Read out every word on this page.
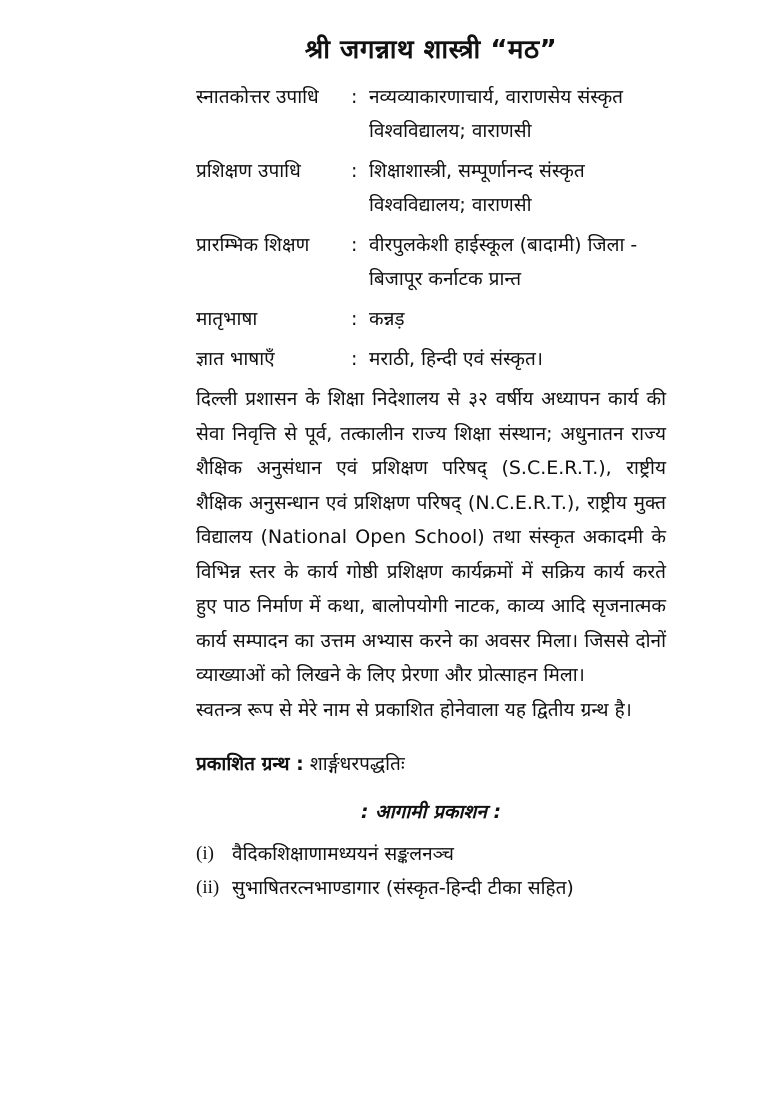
श्री जगन्नाथ शास्त्री “मठ”
स्नातकोत्तर उपाधि	: नव्यव्याकारणाचार्य, वाराणसेय संस्कृत विश्वविद्यालय; वाराणसी
प्रशिक्षण उपाधि	: शिक्षाशास्त्री, सम्पूर्णानन्द संस्कृत विश्वविद्यालय; वाराणसी
प्रारम्भिक शिक्षण	: वीरपुलकेशी हाईस्कूल (बादामी) जिला - बिजापूर कर्नाटक प्रान्त
मातृभाषा	: कन्नड़
ज्ञात भाषाएँ	: मराठी, हिन्दी एवं संस्कृत।

दिल्ली प्रशासन के शिक्षा निदेशालय से ३२ वर्षीय अध्यापन कार्य की सेवा निवृत्ति से पूर्व, तत्कालीन राज्य शिक्षा संस्थान; अधुनातन राज्य शैक्षिक अनुसंधान एवं प्रशिक्षण परिषद् (S.C.E.R.T.), राष्ट्रीय शैक्षिक अनुसन्धान एवं प्रशिक्षण परिषद् (N.C.E.R.T.), राष्ट्रीय मुक्त विद्यालय (National Open School) तथा संस्कृत अकादमी के विभिन्न स्तर के कार्य गोष्ठी प्रशिक्षण कार्यक्रमों में सक्रिय कार्य करते हुए पाठ निर्माण में कथा, बालोपयोगी नाटक, काव्य आदि सृजनात्मक कार्य सम्पादन का उत्तम अभ्यास करने का अवसर मिला। जिससे दोनों व्याख्याओं को लिखने के लिए प्रेरणा और प्रोत्साहन मिला।

स्वतन्त्र रूप से मेरे नाम से प्रकाशित होनेवाला यह द्वितीय ग्रन्थ है।

प्रकाशित ग्रन्थ : शार्ङ्गधरपद्धतिः
: आगामी प्रकाशन :
(i) वैदिकशिक्षाणामध्ययनं सङ्कलनञ्च
(ii) सुभाषितरत्नभाण्डागार (संस्कृत-हिन्दी टीका सहित)
